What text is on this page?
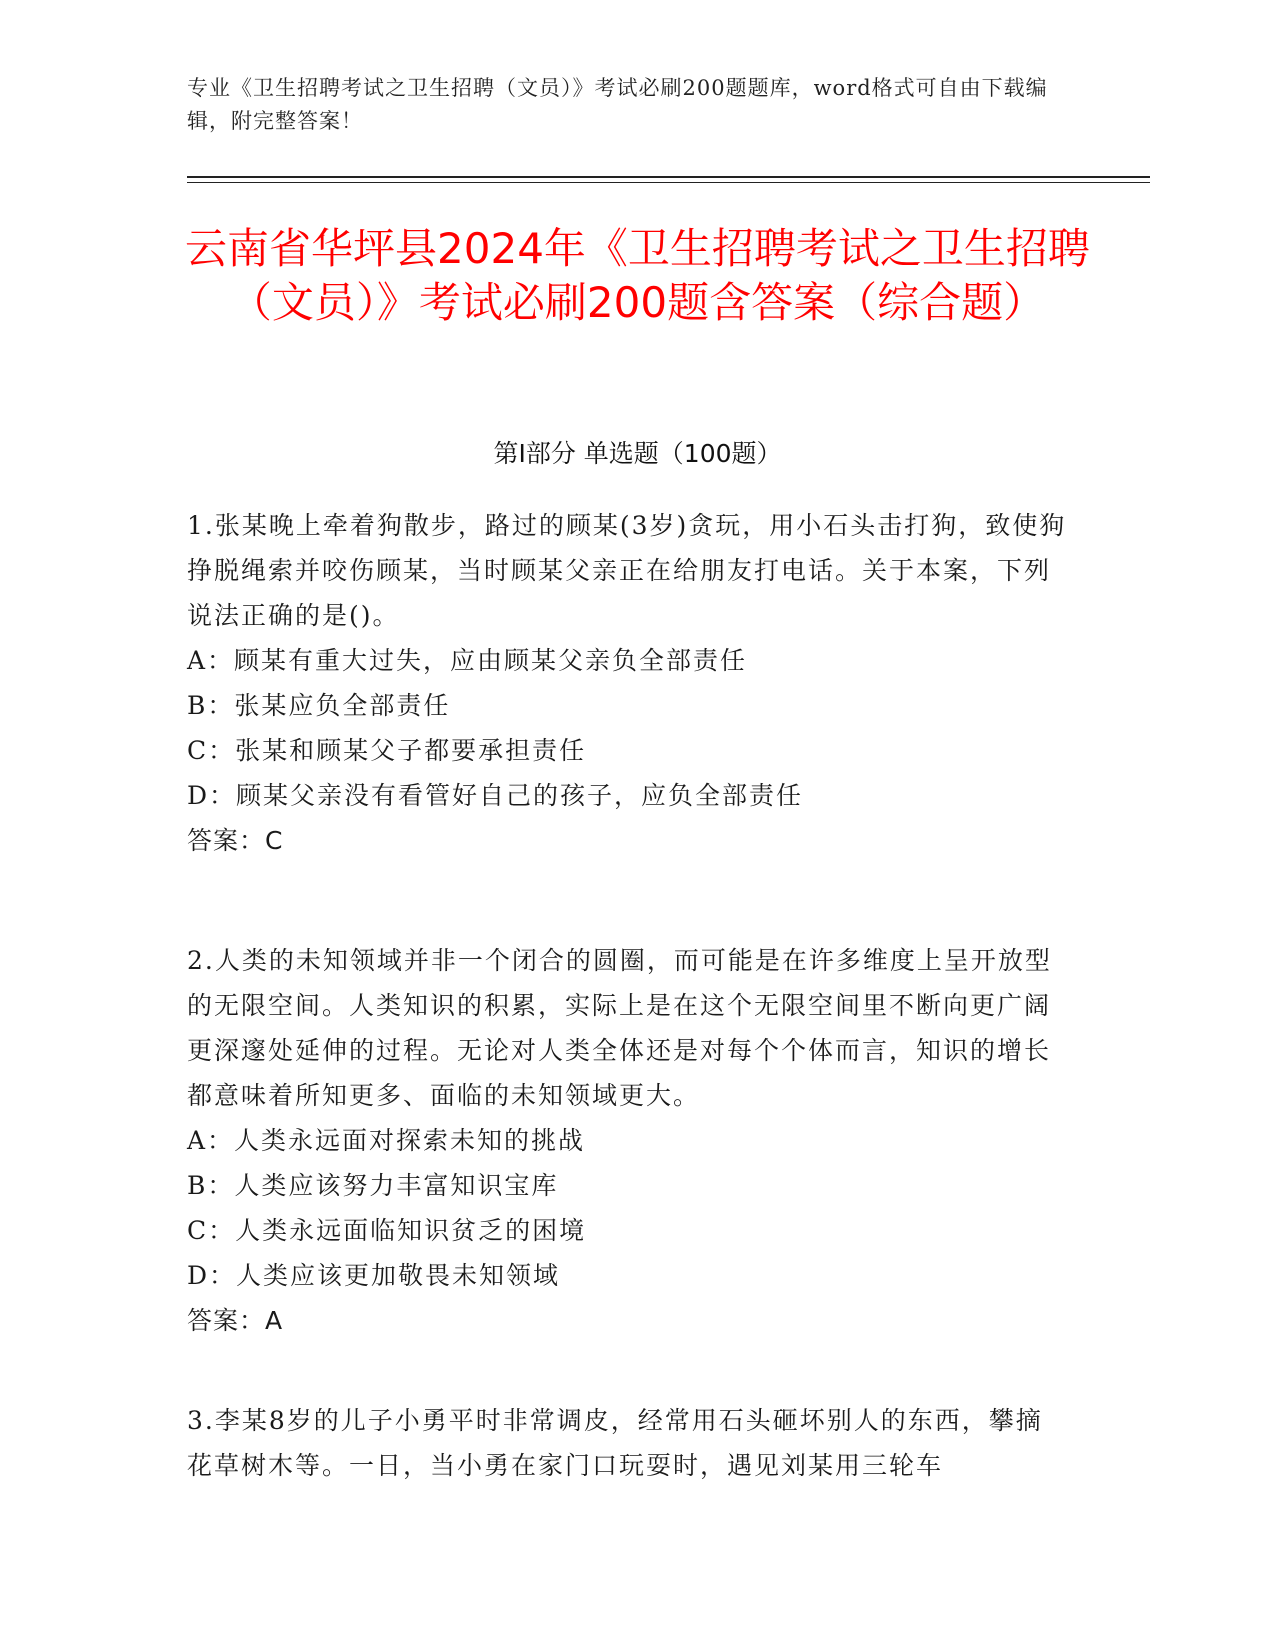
专业《卫生招聘考试之卫生招聘（文员）》考试必刷200题题库，word格式可自由下载编辑，附完整答案！
云南省华坪县2024年《卫生招聘考试之卫生招聘（文员）》考试必刷200题含答案（综合题）
第Ⅰ部分 单选题（100题）
1.张某晚上牵着狗散步，路过的顾某(3岁)贪玩，用小石头击打狗，致使狗挣脱绳索并咬伤顾某，当时顾某父亲正在给朋友打电话。关于本案，下列说法正确的是()。
A：顾某有重大过失，应由顾某父亲负全部责任
B：张某应负全部责任
C：张某和顾某父子都要承担责任
D：顾某父亲没有看管好自己的孩子，应负全部责任
答案：C
2.人类的未知领域并非一个闭合的圆圈，而可能是在许多维度上呈开放型的无限空间。人类知识的积累，实际上是在这个无限空间里不断向更广阔更深邃处延伸的过程。无论对人类全体还是对每个个体而言，知识的增长都意味着所知更多、面临的未知领域更大。
A：人类永远面对探索未知的挑战
B：人类应该努力丰富知识宝库
C：人类永远面临知识贫乏的困境
D：人类应该更加敬畏未知领域
答案：A
3.李某8岁的儿子小勇平时非常调皮，经常用石头砸坏别人的东西，攀摘花草树木等。一日，当小勇在家门口玩耍时，遇见刘某用三轮车
